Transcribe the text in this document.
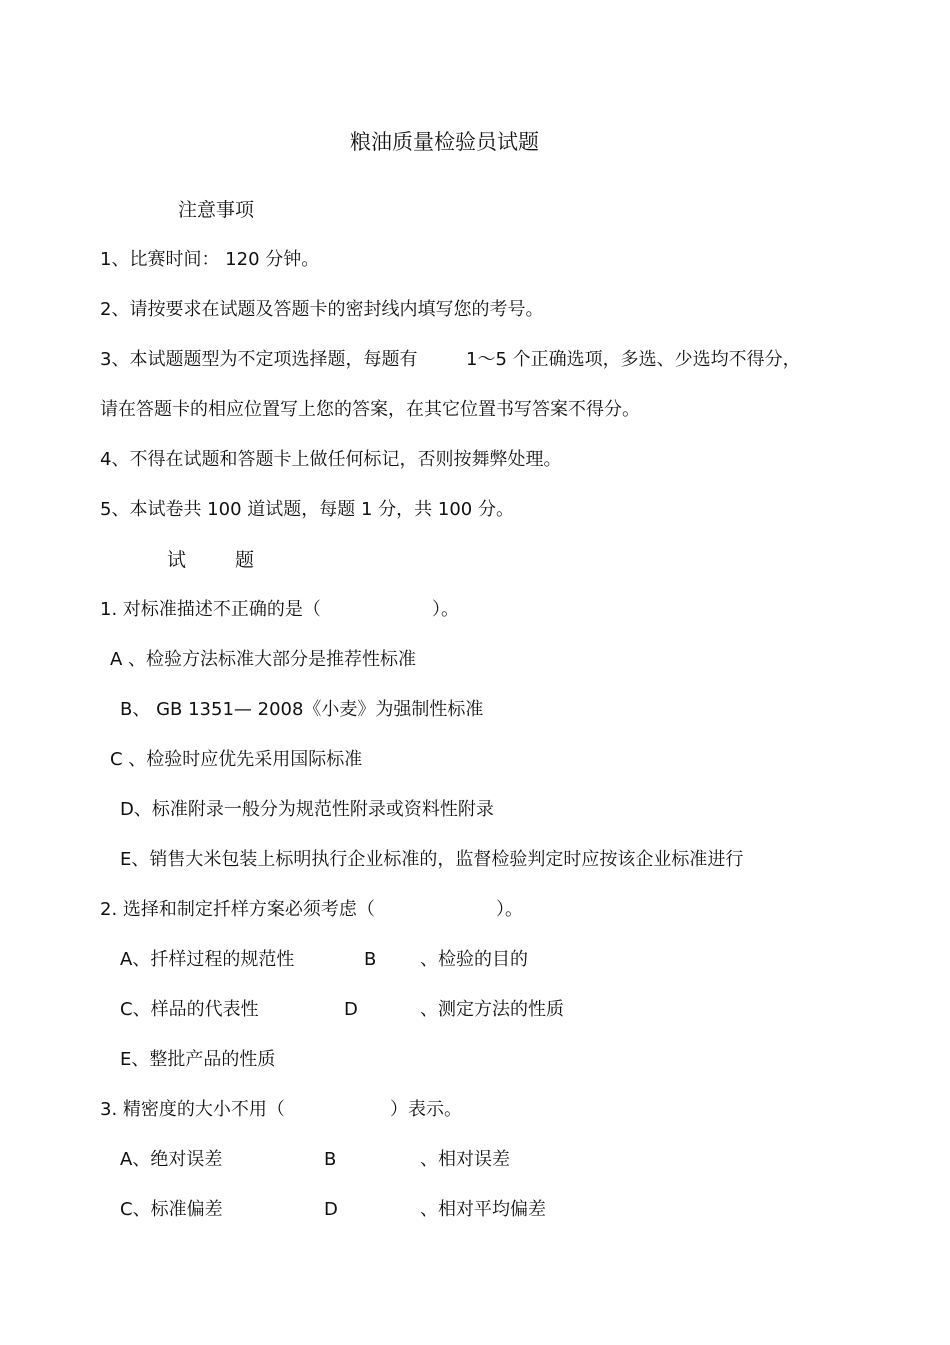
粮油质量检验员试题
注意事项
1、比赛时间： 120 分钟。
2、请按要求在试题及答题卡的密封线内填写您的考号。
3、本试题题型为不定项选择题，每题有	1～5 个正确选项，多选、少选均不得分，
请在答题卡的相应位置写上您的答案，在其它位置书写答案不得分。
4、不得在试题和答题卡上做任何标记，否则按舞弊处理。
5、本试卷共 100 道试题，每题 1 分，共 100 分。
试	题
1. 对标准描述不正确的是（	）。
A 、检验方法标准大部分是推荐性标准
B、 GB 1351— 2008《小麦》为强制性标准
C 、检验时应优先采用国际标准
D、标准附录一般分为规范性附录或资料性附录
E、销售大米包装上标明执行企业标准的，监督检验判定时应按该企业标准进行
2. 选择和制定扦样方案必须考虑（	）。
A、扦样过程的规范性	B 、检验的目的
C、样品的代表性	D	、测定方法的性质
E、整批产品的性质
3. 精密度的大小不用（	）表示。
A、绝对误差	B	、相对误差
C、标准偏差	D	、相对平均偏差
